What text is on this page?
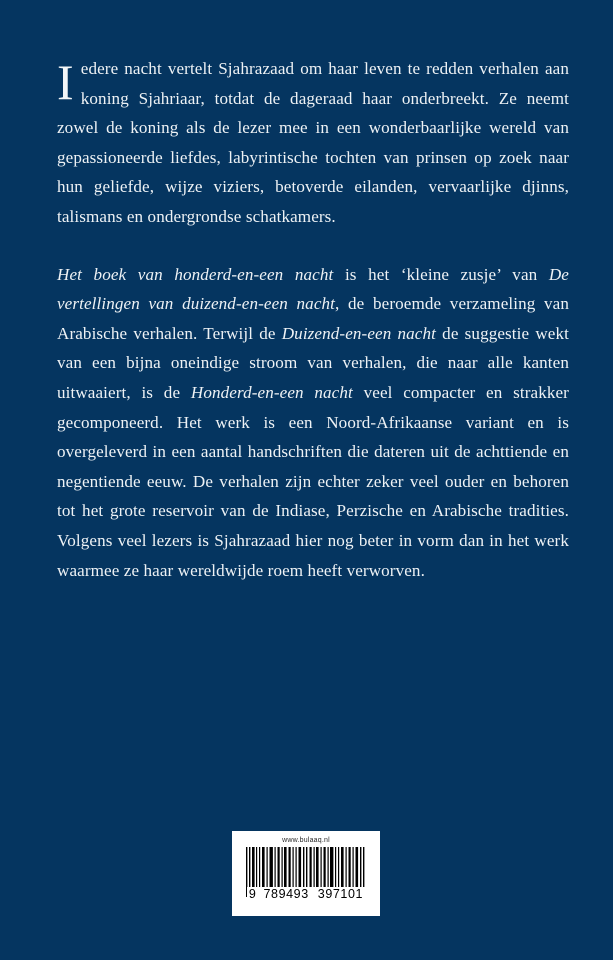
Iedere nacht vertelt Sjahrazaad om haar leven te redden verhalen aan koning Sjahriaar, totdat de dageraad haar onderbreekt. Ze neemt zowel de koning als de lezer mee in een wonderbaarlijke wereld van gepassioneerde liefdes, labyrintische tochten van prinsen op zoek naar hun geliefde, wijze viziers, betoverde eilanden, vervaarlijke djinns, talismans en ondergrondse schatkamers.

Het boek van honderd-en-een nacht is het ‘kleine zusje’ van De vertellingen van duizend-en-een nacht, de beroemde verzameling van Arabische verhalen. Terwijl de Duizend-en-een nacht de suggestie wekt van een bijna oneindige stroom van verhalen, die naar alle kanten uitwaaiert, is de Honderd-en-een nacht veel compacter en strakker gecomponeerd. Het werk is een Noord-Afrikaanse variant en is overgeleverd in een aantal handschriften die dateren uit de achttiende en negentiende eeuw. De verhalen zijn echter zeker veel ouder en behoren tot het grote reservoir van de Indiase, Perzische en Arabische tradities. Volgens veel lezers is Sjahrazaad hier nog beter in vorm dan in het werk waarmee ze haar wereldwijde roem heeft verworven.

www.bulaaq.nl
9 789493 397101
